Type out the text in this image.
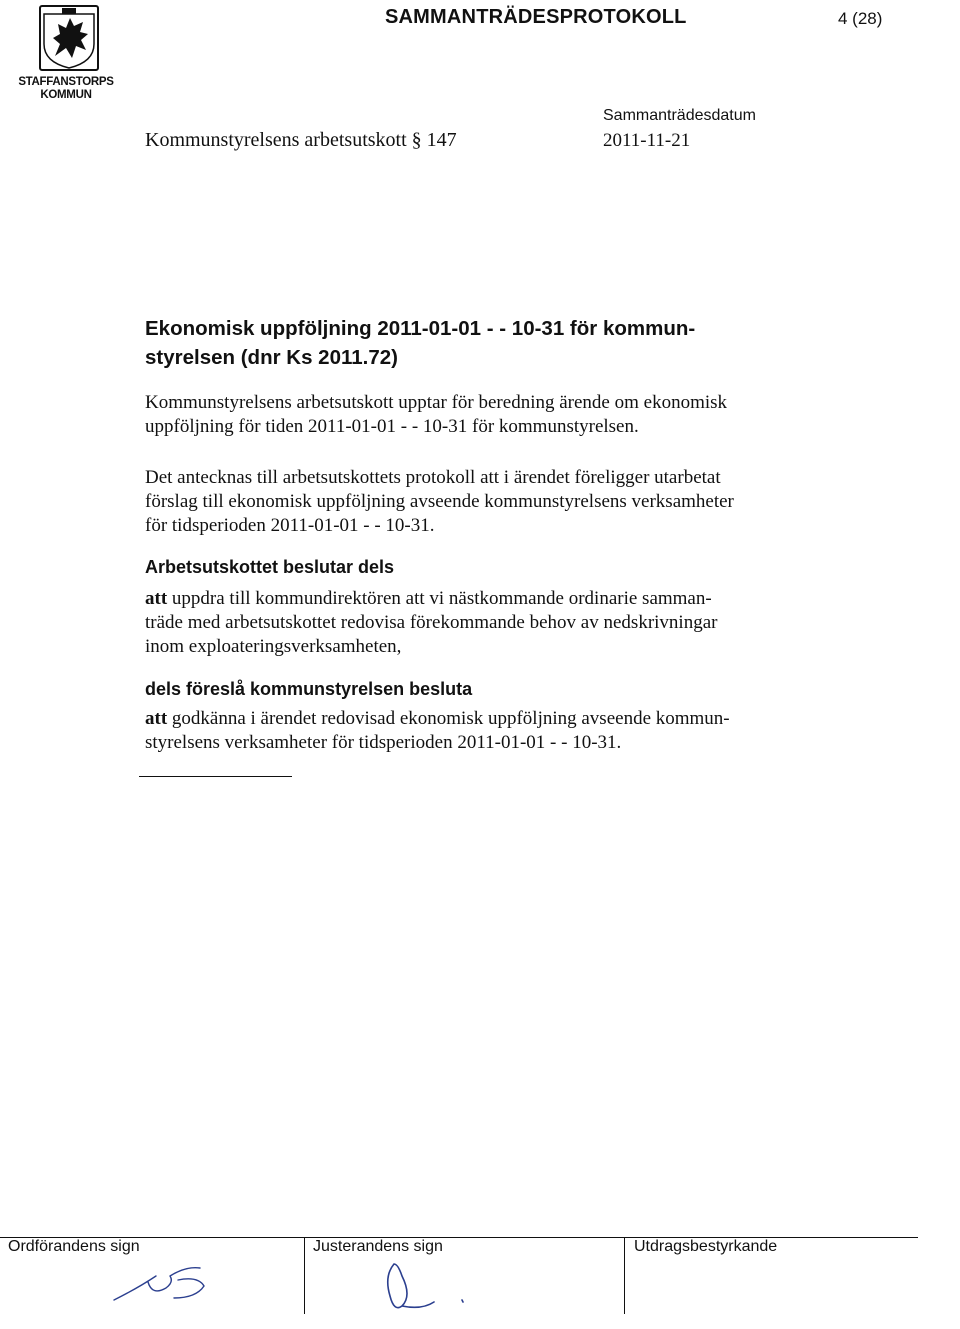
STAFFANSTORPS
KOMMUN
SAMMANTRÄDESPROTOKOLL	4 (28)
Kommunstyrelsens arbetsutskott § 147
Sammanträdesdatum
2011-11-21
Ekonomisk uppföljning 2011-01-01 - - 10-31 för kommun-
styrelsen (dnr Ks 2011.72)
Kommunstyrelsens arbetsutskott upptar för beredning ärende om ekonomisk
uppföljning för tiden 2011-01-01 - - 10-31 för kommunstyrelsen.
Det antecknas till arbetsutskottets protokoll att i ärendet föreligger utarbetat
förslag till ekonomisk uppföljning avseende kommunstyrelsens verksamheter
för tidsperioden 2011-01-01 - - 10-31.
Arbetsutskottet beslutar dels
att uppdra till kommundirektören att vi nästkommande ordinarie samman-
träde med arbetsutskottet redovisa förekommande behov av nedskrivningar
inom exploateringsverksamheten,
dels föreslå kommunstyrelsen besluta
att godkänna i ärendet redovisad ekonomisk uppföljning avseende kommun-
styrelsens verksamheter för tidsperioden 2011-01-01 - - 10-31.
Ordförandens sign	Justerandens sign	Utdragsbestyrkande
